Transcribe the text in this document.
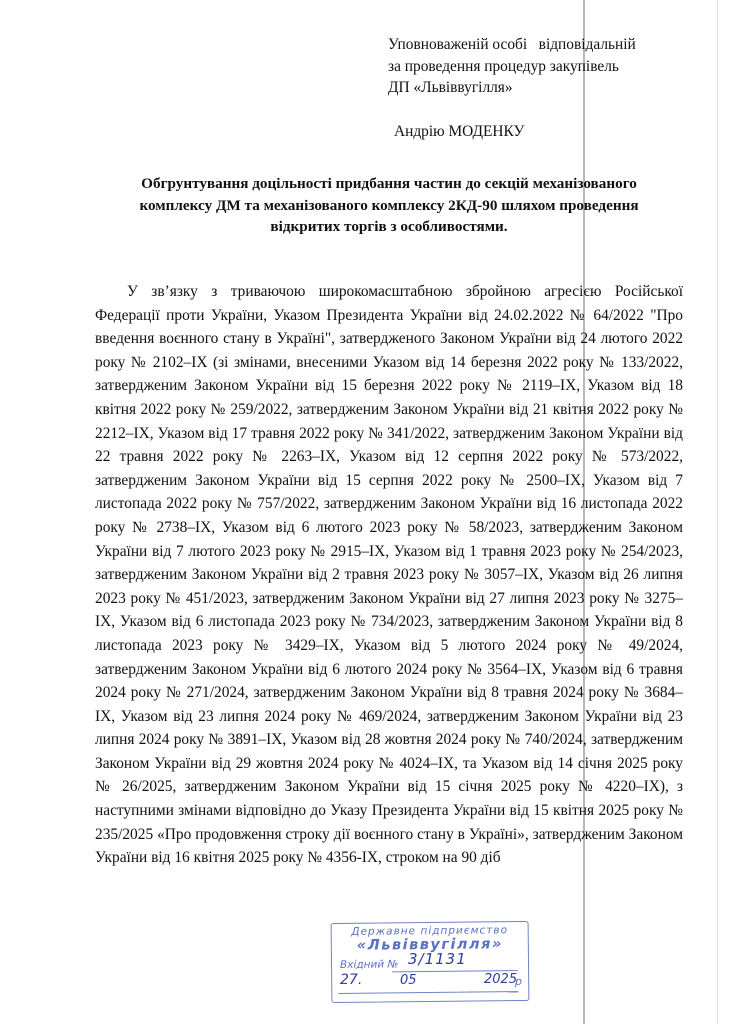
Уповноваженій особі   відповідальній
за проведення процедур закупівель
ДП «Львіввугілля»
Андрію МОДЕНКУ
Обгрунтування доцільності придбання частин до секцій механізованого
комплексу ДМ та механізованого комплексу 2КД-90 шляхом проведення
відкритих торгів з особливостями.

У зв’язку з триваючою широкомасштабною збройною агресією Російської Федерації проти України, Указом Президента України від 24.02.2022 № 64/2022 "Про введення воєнного стану в Україні", затвердженого Законом України від 24 лютого 2022 року № 2102–IX (зі змінами, внесеними Указом від 14 березня 2022 року № 133/2022, затвердженим Законом України від 15 березня 2022 року № 2119–IX, Указом від 18 квітня 2022 року № 259/2022, затвердженим Законом України від 21 квітня 2022 року № 2212–IX, Указом від 17 травня 2022 року № 341/2022, затвердженим Законом України від 22 травня 2022 року № 2263–IX, Указом від 12 серпня 2022 року № 573/2022, затвердженим Законом України від 15 серпня 2022 року № 2500–IX, Указом від 7 листопада 2022 року № 757/2022, затвердженим Законом України від 16 листопада 2022 року № 2738–IX, Указом від 6 лютого 2023 року № 58/2023, затвердженим Законом України від 7 лютого 2023 року № 2915–IX, Указом від 1 травня 2023 року № 254/2023, затвердженим Законом України від 2 травня 2023 року № 3057–IX, Указом від 26 липня 2023 року № 451/2023, затвердженим Законом України від 27 липня 2023 року № 3275–IX, Указом від 6 листопада 2023 року № 734/2023, затвердженим Законом України від 8 листопада 2023 року № 3429–IX, Указом від 5 лютого 2024 року № 49/2024, затвердженим Законом України від 6 лютого 2024 року № 3564–IX, Указом від 6 травня 2024 року № 271/2024, затвердженим Законом України від 8 травня 2024 року № 3684–IX, Указом від 23 липня 2024 року № 469/2024, затвердженим Законом України від 23 липня 2024 року № 3891–IX, Указом від 28 жовтня 2024 року № 740/2024, затвердженим Законом України від 29 жовтня 2024 року № 4024–IX, та Указом від 14 січня 2025 року № 26/2025, затвердженим Законом України від 15 січня 2025 року № 4220–IX), з наступними змінами відповідно до Указу Президента України від 15 квітня 2025 року № 235/2025 «Про продовження строку дії воєнного стану в Україні», затвердженим Законом України від 16 квітня 2025 року № 4356-IX, строком на 90 діб

Державне підприємство
«Львіввугілля»
Вхідний № 3/1131
27.	05	2025
р
